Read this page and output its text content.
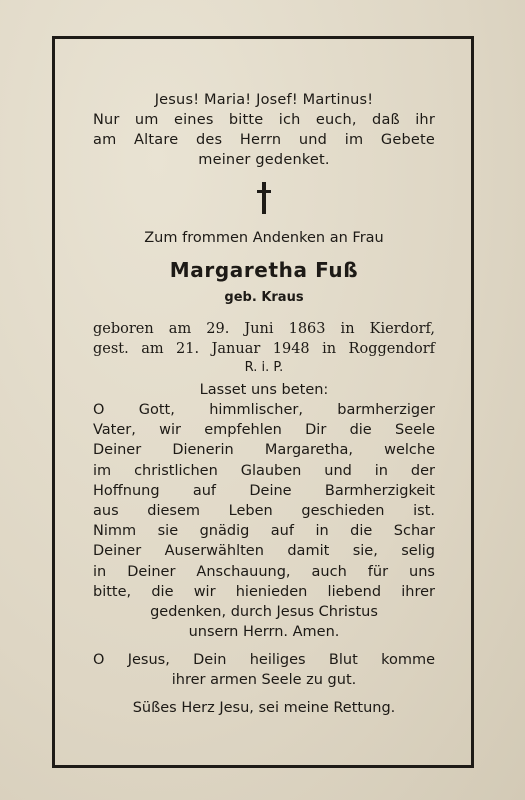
Jesus! Maria! Josef! Martinus!
Nur um eines bitte ich euch, daß ihr
am Altare des Herrn und im Gebete
meiner gedenket.
Zum frommen Andenken an Frau
Margaretha Fuß
geb. Kraus
geboren am 29. Juni 1863 in Kierdorf,
gest. am 21. Januar 1948 in Roggendorf
R. i. P.
Lasset uns beten:
O Gott, himmlischer, barmherziger
Vater, wir empfehlen Dir die Seele
Deiner Dienerin Margaretha, welche
im christlichen Glauben und in der
Hoffnung auf Deine Barmherzigkeit
aus diesem Leben geschieden ist.
Nimm sie gnädig auf in die Schar
Deiner Auserwählten damit sie, selig
in Deiner Anschauung, auch für uns
bitte, die wir hienieden liebend ihrer
gedenken, durch Jesus Christus
unsern Herrn. Amen.
O Jesus, Dein heiliges Blut komme
ihrer armen Seele zu gut.
Süßes Herz Jesu, sei meine Rettung.
